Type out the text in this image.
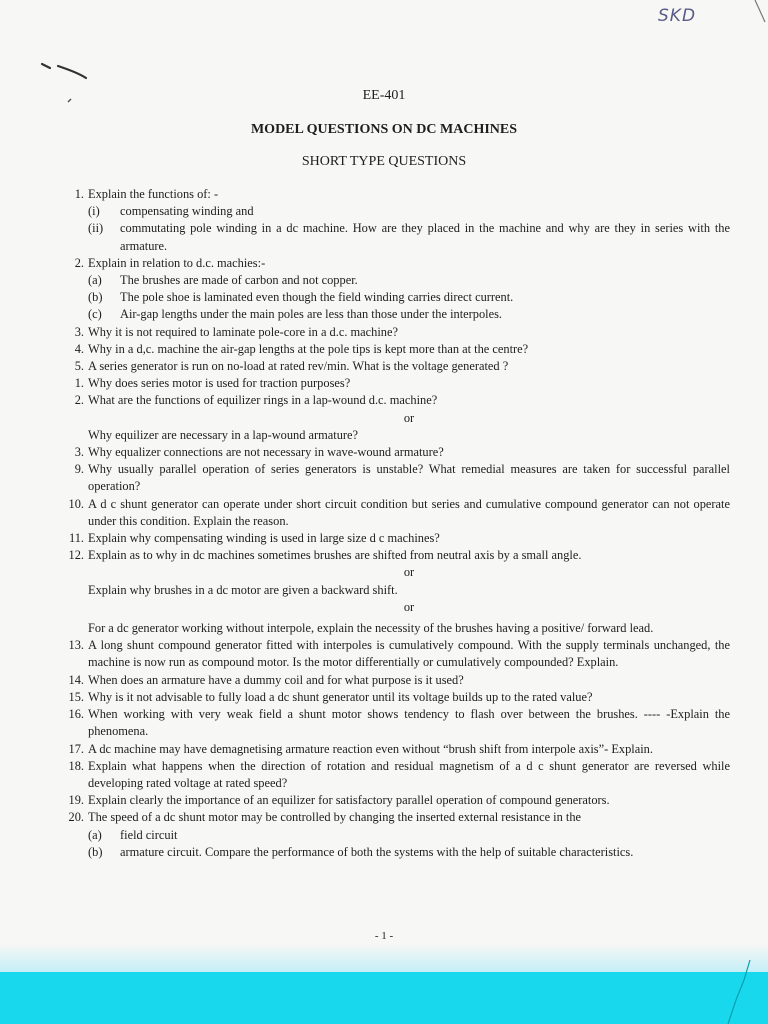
SKD
EE-401
MODEL QUESTIONS ON DC MACHINES
SHORT TYPE QUESTIONS
1. Explain the functions of: -
(i)	compensating winding and
(ii)	commutating pole winding in a dc machine. How are they placed in the machine and why are they in series with the armature.
2. Explain in relation to d.c. machies:-
(a)	The brushes are made of carbon and not copper.
(b)	The pole shoe is laminated even though the field winding carries direct current.
(c)	Air-gap lengths under the main poles are less than those under the interpoles.
3. Why it is not required to laminate pole-core in a d.c. machine?
4. Why in a d,c. machine the air-gap lengths at the pole tips is kept more than at the centre?
5. A series generator is run on no-load at rated rev/min. What is the voltage generated ?
1. Why does series motor is used for traction purposes?
2. What are the functions of equilizer rings in a lap-wound d.c. machine?
or
Why equilizer are necessary in a lap-wound armature?
3. Why equalizer connections are not necessary in wave-wound armature?
9. Why usually parallel operation of series generators is unstable? What remedial measures are taken for successful parallel operation?
10. A d c shunt generator can operate under short circuit condition but series and cumulative compound generator can not operate under this condition. Explain the reason.
11. Explain why compensating winding is used in large size d c machines?
12. Explain as to why in dc machines sometimes brushes are shifted from neutral axis by a small angle.
or
Explain why brushes in a dc motor are given a backward shift.
or
For a dc generator working without interpole, explain the necessity of the brushes having a positive/ forward lead.
13. A long shunt compound generator fitted with interpoles is cumulatively compound. With the supply terminals unchanged, the machine is now run as compound motor. Is the motor differentially or cumulatively compounded? Explain.
14. When does an armature have a dummy coil and for what purpose is it used?
15. Why is it not advisable to fully load a dc shunt generator until its voltage builds up to the rated value?
16. When working with very weak field a shunt motor shows tendency to flash over between the brushes. ---- -Explain the phenomena.
17. A dc machine may have demagnetising armature reaction even without “brush shift from interpole axis”- Explain.
18. Explain what happens when the direction of rotation and residual magnetism of a d c shunt generator are reversed while developing rated voltage at rated speed?
19. Explain clearly the importance of an equilizer for satisfactory parallel operation of compound generators.
20. The speed of a dc shunt motor may be controlled by changing the inserted external resistance in the
(a)	field circuit
(b)	armature circuit. Compare the performance of both the systems with the help of suitable characteristics.
- 1 -
